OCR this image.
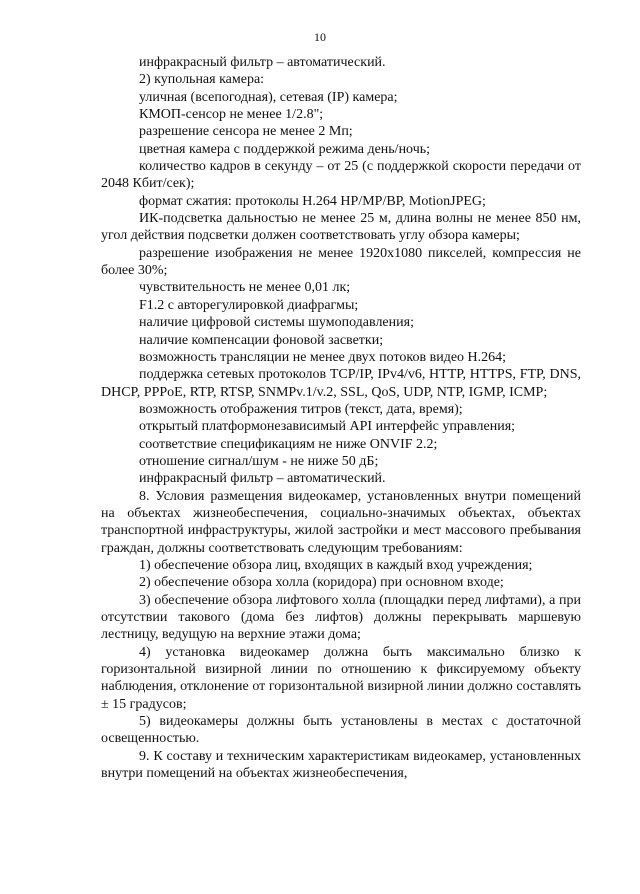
10

инфракрасный фильтр – автоматический.

2) купольная камера:

уличная (всепогодная), сетевая (IP) камера;

КМОП-сенсор не менее 1/2.8";

разрешение сенсора не менее 2 Мп;

цветная камера с поддержкой режима день/ночь;

количество кадров в секунду – от 25 (с поддержкой скорости передачи от 2048 Кбит/сек);

формат сжатия: протоколы H.264 HP/MP/BP, MotionJPEG;

ИК-подсветка дальностью не менее 25 м, длина волны не менее 850 нм, угол действия подсветки должен соответствовать углу обзора камеры;

разрешение изображения не менее 1920x1080 пикселей, компрессия не более 30%;

чувствительность не менее 0,01 лк;

F1.2 с авторегулировкой диафрагмы;

наличие цифровой системы шумоподавления;

наличие компенсации фоновой засветки;

возможность трансляции не менее двух потоков видео H.264;

поддержка сетевых протоколов TCP/IP, IPv4/v6, HTTP, HTTPS, FTP, DNS, DHCP, PPPoE, RTP, RTSP, SNMPv.1/v.2, SSL, QoS, UDP, NTP, IGMP, ICMP;

возможность отображения титров (текст, дата, время);

открытый платформонезависимый API интерфейс управления;

соответствие спецификациям не ниже ONVIF 2.2;

отношение сигнал/шум - не ниже 50 дБ;

инфракрасный фильтр – автоматический.

8. Условия размещения видеокамер, установленных внутри помещений на объектах жизнеобеспечения, социально-значимых объектах, объектах транспортной инфраструктуры, жилой застройки и мест массового пребывания граждан, должны соответствовать следующим требованиям:

1) обеспечение обзора лиц, входящих в каждый вход учреждения;

2) обеспечение обзора холла (коридора) при основном входе;

3) обеспечение обзора лифтового холла (площадки перед лифтами), а при отсутствии такового (дома без лифтов) должны перекрывать маршевую лестницу, ведущую на верхние этажи дома;

4) установка видеокамер должна быть максимально близко к горизонтальной визирной линии по отношению к фиксируемому объекту наблюдения, отклонение от горизонтальной визирной линии должно составлять ± 15 градусов;

5) видеокамеры должны быть установлены в местах с достаточной освещенностью.

9. К составу и техническим характеристикам видеокамер, установленных внутри помещений на объектах жизнеобеспечения,
